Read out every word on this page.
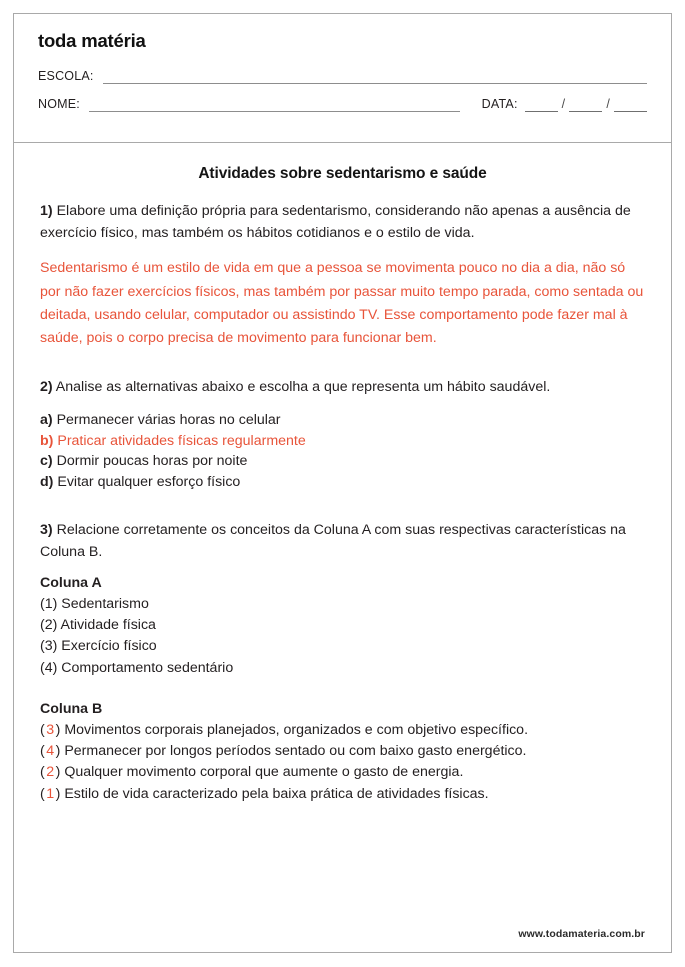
toda matéria
ESCOLA:
NOME:	DATA:	/	/
Atividades sobre sedentarismo e saúde

1) Elabore uma definição própria para sedentarismo, considerando não apenas a ausência de exercício físico, mas também os hábitos cotidianos e o estilo de vida.

Sedentarismo é um estilo de vida em que a pessoa se movimenta pouco no dia a dia, não só por não fazer exercícios físicos, mas também por passar muito tempo parada, como sentada ou deitada, usando celular, computador ou assistindo TV. Esse comportamento pode fazer mal à saúde, pois o corpo precisa de movimento para funcionar bem.

2) Analise as alternativas abaixo e escolha a que representa um hábito saudável.

a) Permanecer várias horas no celular

b) Praticar atividades físicas regularmente

c) Dormir poucas horas por noite

d) Evitar qualquer esforço físico

3) Relacione corretamente os conceitos da Coluna A com suas respectivas características na Coluna B.

Coluna A

(1) Sedentarismo

(2) Atividade física

(3) Exercício físico

(4) Comportamento sedentário

Coluna B

( 3 ) Movimentos corporais planejados, organizados e com objetivo específico.

( 4 ) Permanecer por longos períodos sentado ou com baixo gasto energético.

( 2 ) Qualquer movimento corporal que aumente o gasto de energia.

( 1 ) Estilo de vida caracterizado pela baixa prática de atividades físicas.

www.todamateria.com.br
